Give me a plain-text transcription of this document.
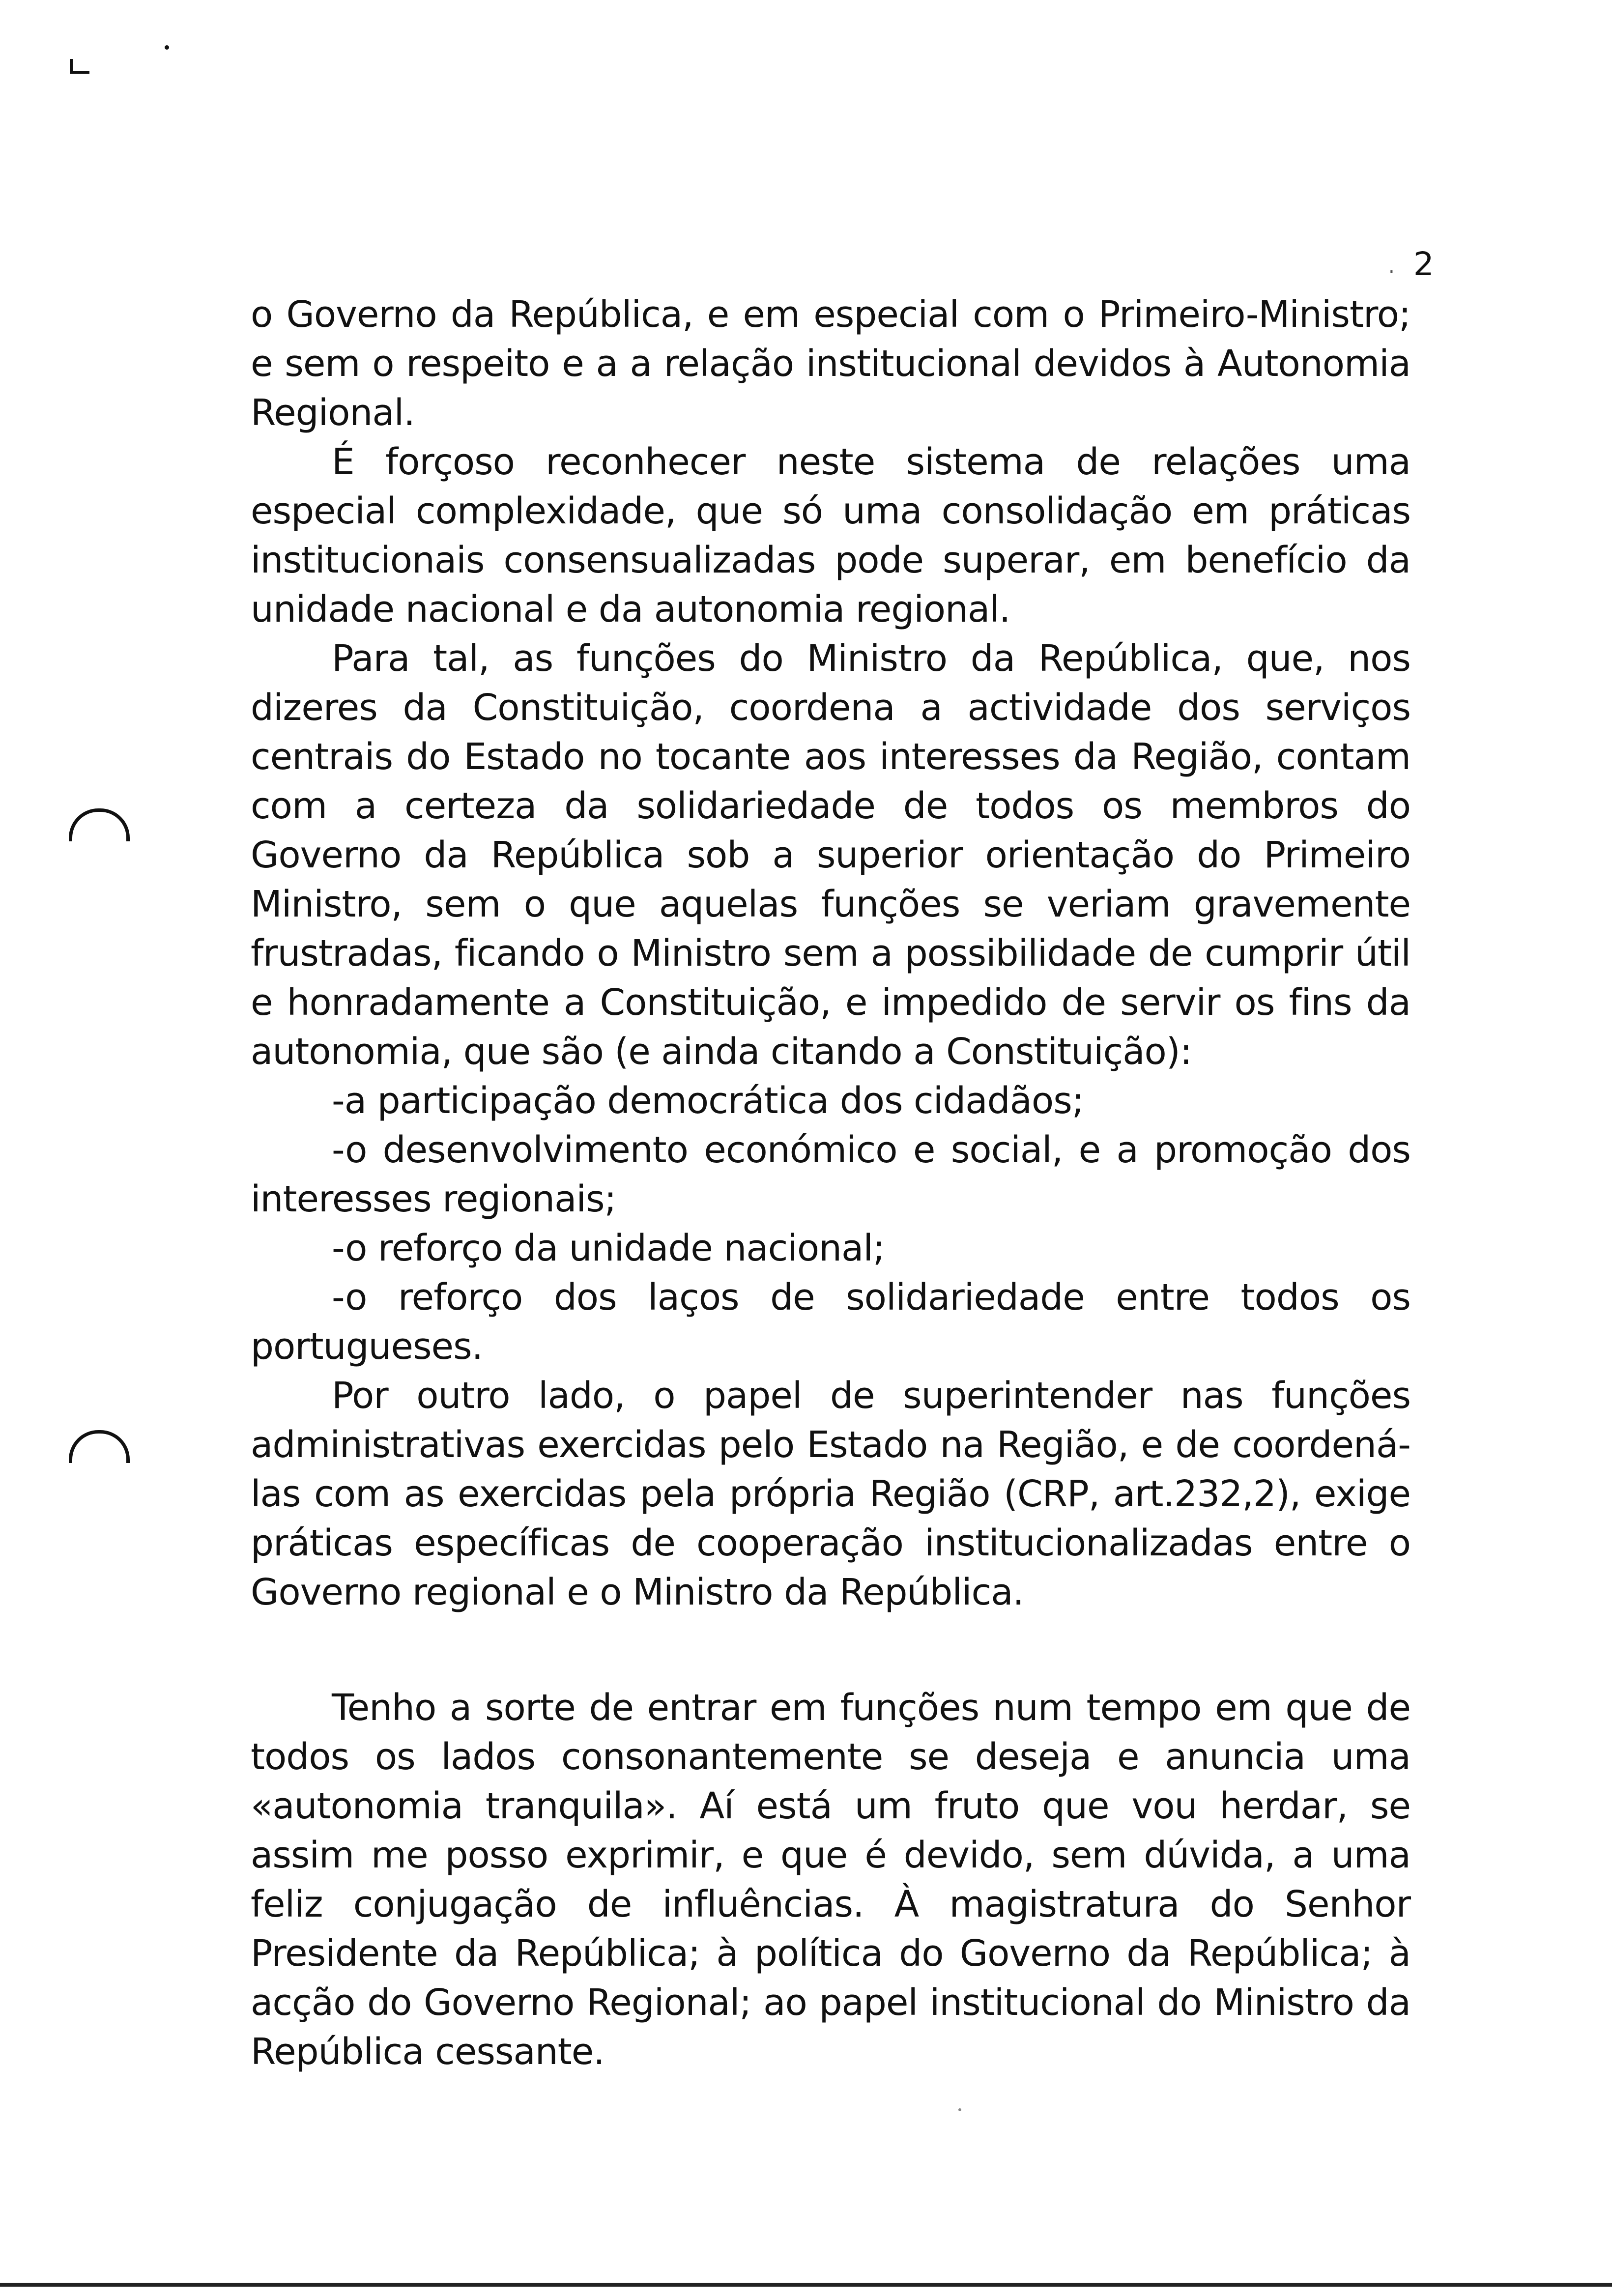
. 2

o Governo da República, e em especial com o Primeiro-Ministro; e sem o respeito e a a relação institucional devidos à Autonomia Regional.

É forçoso reconhecer neste sistema de relações uma especial complexidade, que só uma consolidação em práticas institucionais consensualizadas pode superar, em benefício da unidade nacional e da autonomia regional.

Para tal, as funções do Ministro da República, que, nos dizeres da Constituição, coordena a actividade dos serviços centrais do Estado no tocante aos interesses da Região, contam com a certeza da solidariedade de todos os membros do Governo da República sob a superior orientação do Primeiro Ministro, sem o que aquelas funções se veriam gravemente frustradas, ficando o Ministro sem a possibilidade de cumprir útil e honradamente a Constituição, e impedido de servir os fins da autonomia, que são (e ainda citando a Constituição):

-a participação democrática dos cidadãos;

-o desenvolvimento económico e social, e a promoção dos interesses regionais;

-o reforço da unidade nacional;

-o reforço dos laços de solidariedade entre todos os portugueses.

Por outro lado, o papel de superintender nas funções administrativas exercidas pelo Estado na Região, e de coordená-las com as exercidas pela própria Região (CRP, art.232,2), exige práticas específicas de cooperação institucionalizadas entre o Governo regional e o Ministro da República.

Tenho a sorte de entrar em funções num tempo em que de todos os lados consonantemente se deseja e anuncia uma «autonomia tranquila». Aí está um fruto que vou herdar, se assim me posso exprimir, e que é devido, sem dúvida, a uma feliz conjugação de influências. À magistratura do Senhor Presidente da República; à política do Governo da República; à acção do Governo Regional; ao papel institucional do Ministro da República cessante.
